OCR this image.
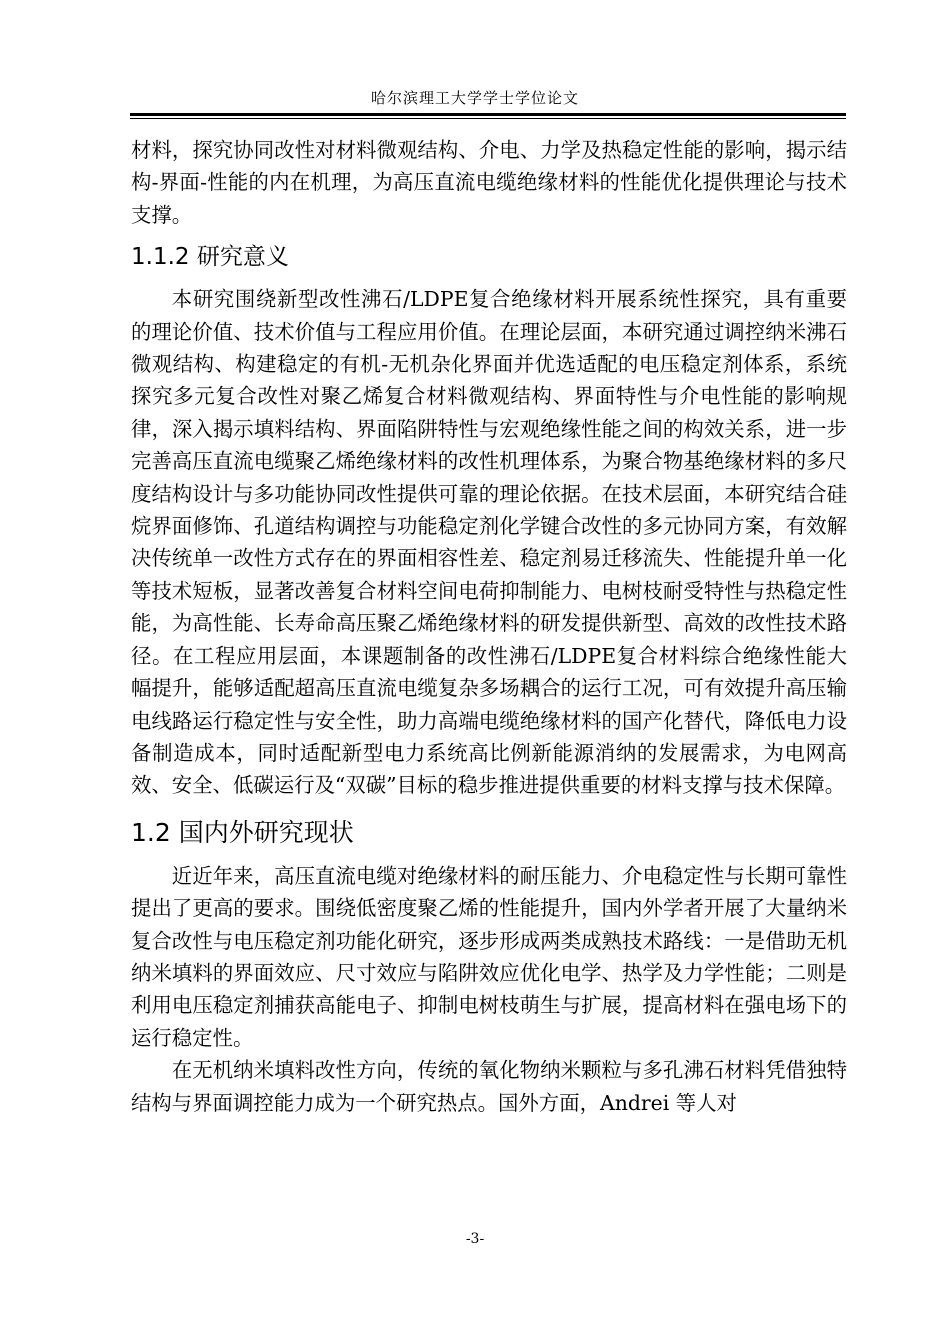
哈尔滨理工大学学士学位论文

材料，探究协同改性对材料微观结构、介电、力学及热稳定性能的影响，揭示结构-界面-性能的内在机理，为高压直流电缆绝缘材料的性能优化提供理论与技术支撑。

1.1.2 研究意义

本研究围绕新型改性沸石/LDPE复合绝缘材料开展系统性探究，具有重要的理论价值、技术价值与工程应用价值。在理论层面，本研究通过调控纳米沸石微观结构、构建稳定的有机-无机杂化界面并优选适配的电压稳定剂体系，系统探究多元复合改性对聚乙烯复合材料微观结构、界面特性与介电性能的影响规律，深入揭示填料结构、界面陷阱特性与宏观绝缘性能之间的构效关系，进一步完善高压直流电缆聚乙烯绝缘材料的改性机理体系，为聚合物基绝缘材料的多尺度结构设计与多功能协同改性提供可靠的理论依据。在技术层面，本研究结合硅烷界面修饰、孔道结构调控与功能稳定剂化学键合改性的多元协同方案，有效解决传统单一改性方式存在的界面相容性差、稳定剂易迁移流失、性能提升单一化等技术短板，显著改善复合材料空间电荷抑制能力、电树枝耐受特性与热稳定性能，为高性能、长寿命高压聚乙烯绝缘材料的研发提供新型、高效的改性技术路径。在工程应用层面，本课题制备的改性沸石/LDPE复合材料综合绝缘性能大幅提升，能够适配超高压直流电缆复杂多场耦合的运行工况，可有效提升高压输电线路运行稳定性与安全性，助力高端电缆绝缘材料的国产化替代，降低电力设备制造成本，同时适配新型电力系统高比例新能源消纳的发展需求，为电网高效、安全、低碳运行及“双碳”目标的稳步推进提供重要的材料支撑与技术保障。

1.2 国内外研究现状

近近年来，高压直流电缆对绝缘材料的耐压能力、介电稳定性与长期可靠性提出了更高的要求。围绕低密度聚乙烯的性能提升，国内外学者开展了大量纳米复合改性与电压稳定剂功能化研究，逐步形成两类成熟技术路线：一是借助无机纳米填料的界面效应、尺寸效应与陷阱效应优化电学、热学及力学性能；二则是利用电压稳定剂捕获高能电子、抑制电树枝萌生与扩展，提高材料在强电场下的运行稳定性。

在无机纳米填料改性方向，传统的氧化物纳米颗粒与多孔沸石材料凭借独特结构与界面调控能力成为一个研究热点。国外方面，Andrei 等人对

-3-
